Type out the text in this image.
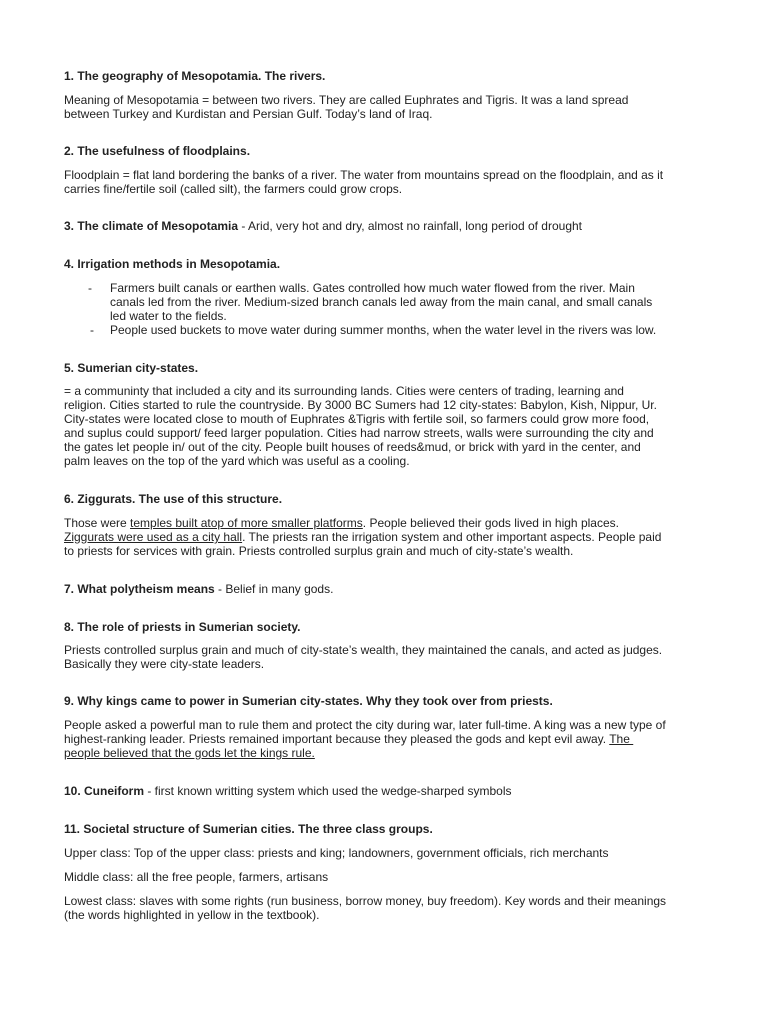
1. The geography of Mesopotamia. The rivers.
Meaning of Mesopotamia = between two rivers. They are called Euphrates and Tigris. It was a land spread
between Turkey and Kurdistan and Persian Gulf. Today’s land of Iraq.
2. The usefulness of floodplains.
Floodplain = flat land bordering the banks of a river. The water from mountains spread on the floodplain, and as it
carries fine/fertile soil (called silt), the farmers could grow crops.
3. The climate of Mesopotamia - Arid, very hot and dry, almost no rainfall, long period of drought
4. Irrigation methods in Mesopotamia.
- Farmers built canals or earthen walls. Gates controlled how much water flowed from the river. Main
canals led from the river. Medium-sized branch canals led away from the main canal, and small canals
led water to the fields.
- People used buckets to move water during summer months, when the water level in the rivers was low.
5. Sumerian city-states.
= a communinty that included a city and its surrounding lands. Cities were centers of trading, learning and
religion. Cities started to rule the countryside. By 3000 BC Sumers had 12 city-states: Babylon, Kish, Nippur, Ur.
City-states were located close to mouth of Euphrates &Tigris with fertile soil, so farmers could grow more food,
and suplus could support/ feed larger population. Cities had narrow streets, walls were surrounding the city and
the gates let people in/ out of the city. People built houses of reeds&mud, or brick with yard in the center, and
palm leaves on the top of the yard which was useful as a cooling.
6. Ziggurats. The use of this structure.
Those were temples built atop of more smaller platforms. People believed their gods lived in high places.
Ziggurats were used as a city hall. The priests ran the irrigation system and other important aspects. People paid
to priests for services with grain. Priests controlled surplus grain and much of city-state’s wealth.
7. What polytheism means - Belief in many gods.
8. The role of priests in Sumerian society.
Priests controlled surplus grain and much of city-state’s wealth, they maintained the canals, and acted as judges.
Basically they were city-state leaders.
9. Why kings came to power in Sumerian city-states. Why they took over from priests.
People asked a powerful man to rule them and protect the city during war, later full-time. A king was a new type of
highest-ranking leader. Priests remained important because they pleased the gods and kept evil away. The
people believed that the gods let the kings rule.
10. Cuneiform - first known writting system which used the wedge-sharped symbols
11. Societal structure of Sumerian cities. The three class groups.
Upper class: Top of the upper class: priests and king; landowners, government officials, rich merchants
Middle class: all the free people, farmers, artisans
Lowest class: slaves with some rights (run business, borrow money, buy freedom). Key words and their meanings
(the words highlighted in yellow in the textbook).
